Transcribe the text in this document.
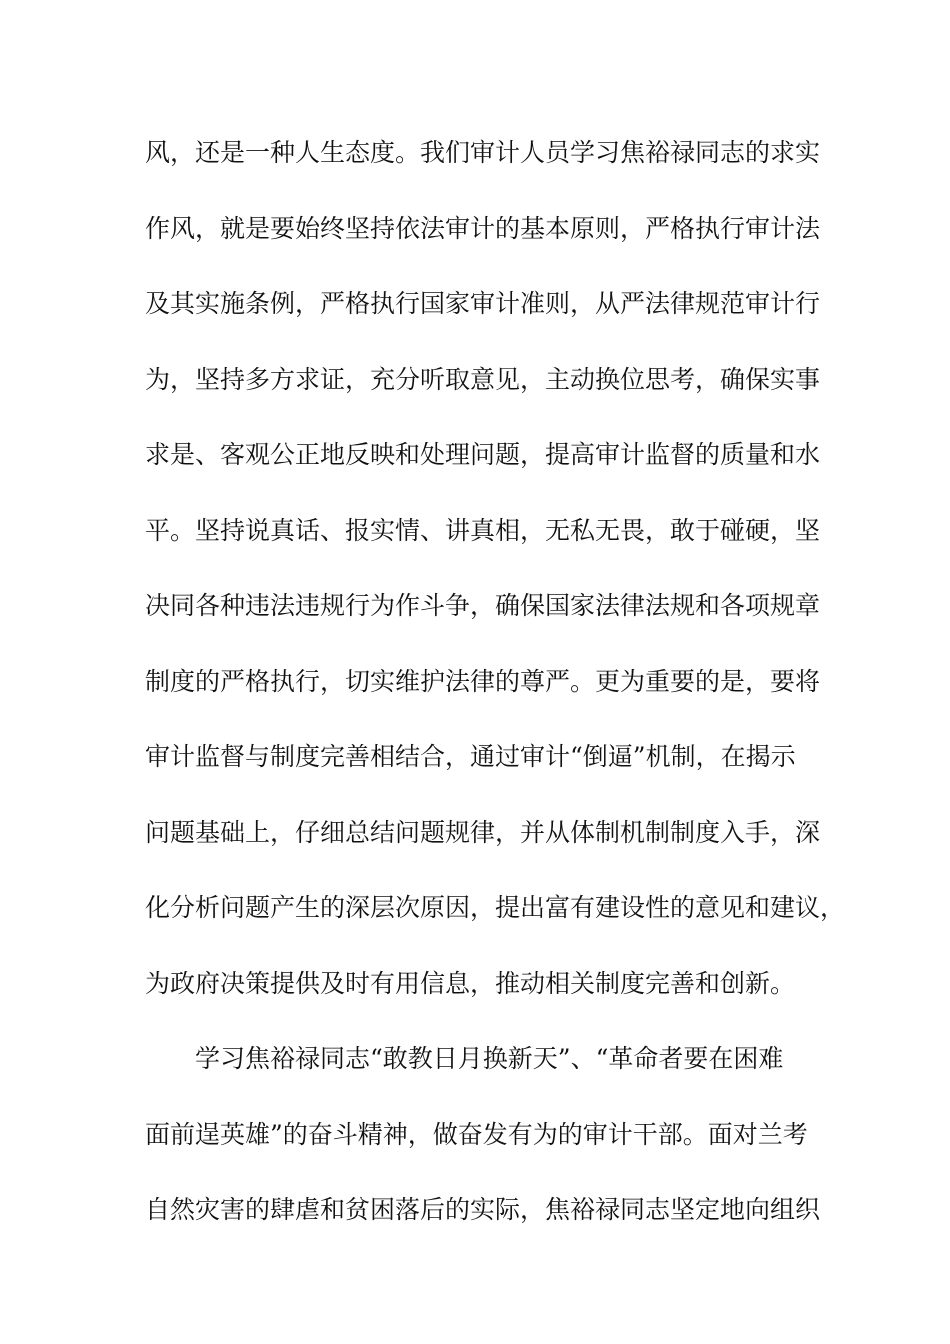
风，还是一种人生态度。我们审计人员学习焦裕禄同志的求实
作风，就是要始终坚持依法审计的基本原则，严格执行审计法
及其实施条例，严格执行国家审计准则，从严法律规范审计行
为，坚持多方求证，充分听取意见，主动换位思考，确保实事
求是、客观公正地反映和处理问题，提高审计监督的质量和水
平。坚持说真话、报实情、讲真相，无私无畏，敢于碰硬，坚
决同各种违法违规行为作斗争，确保国家法律法规和各项规章
制度的严格执行，切实维护法律的尊严。更为重要的是，要将
审计监督与制度完善相结合，通过审计“倒逼”机制，在揭示
问题基础上，仔细总结问题规律，并从体制机制制度入手，深
化分析问题产生的深层次原因，提出富有建设性的意见和建议，
为政府决策提供及时有用信息，推动相关制度完善和创新。
学习焦裕禄同志“敢教日月换新天”、“革命者要在困难
面前逞英雄”的奋斗精神，做奋发有为的审计干部。面对兰考
自然灾害的肆虐和贫困落后的实际，焦裕禄同志坚定地向组织
